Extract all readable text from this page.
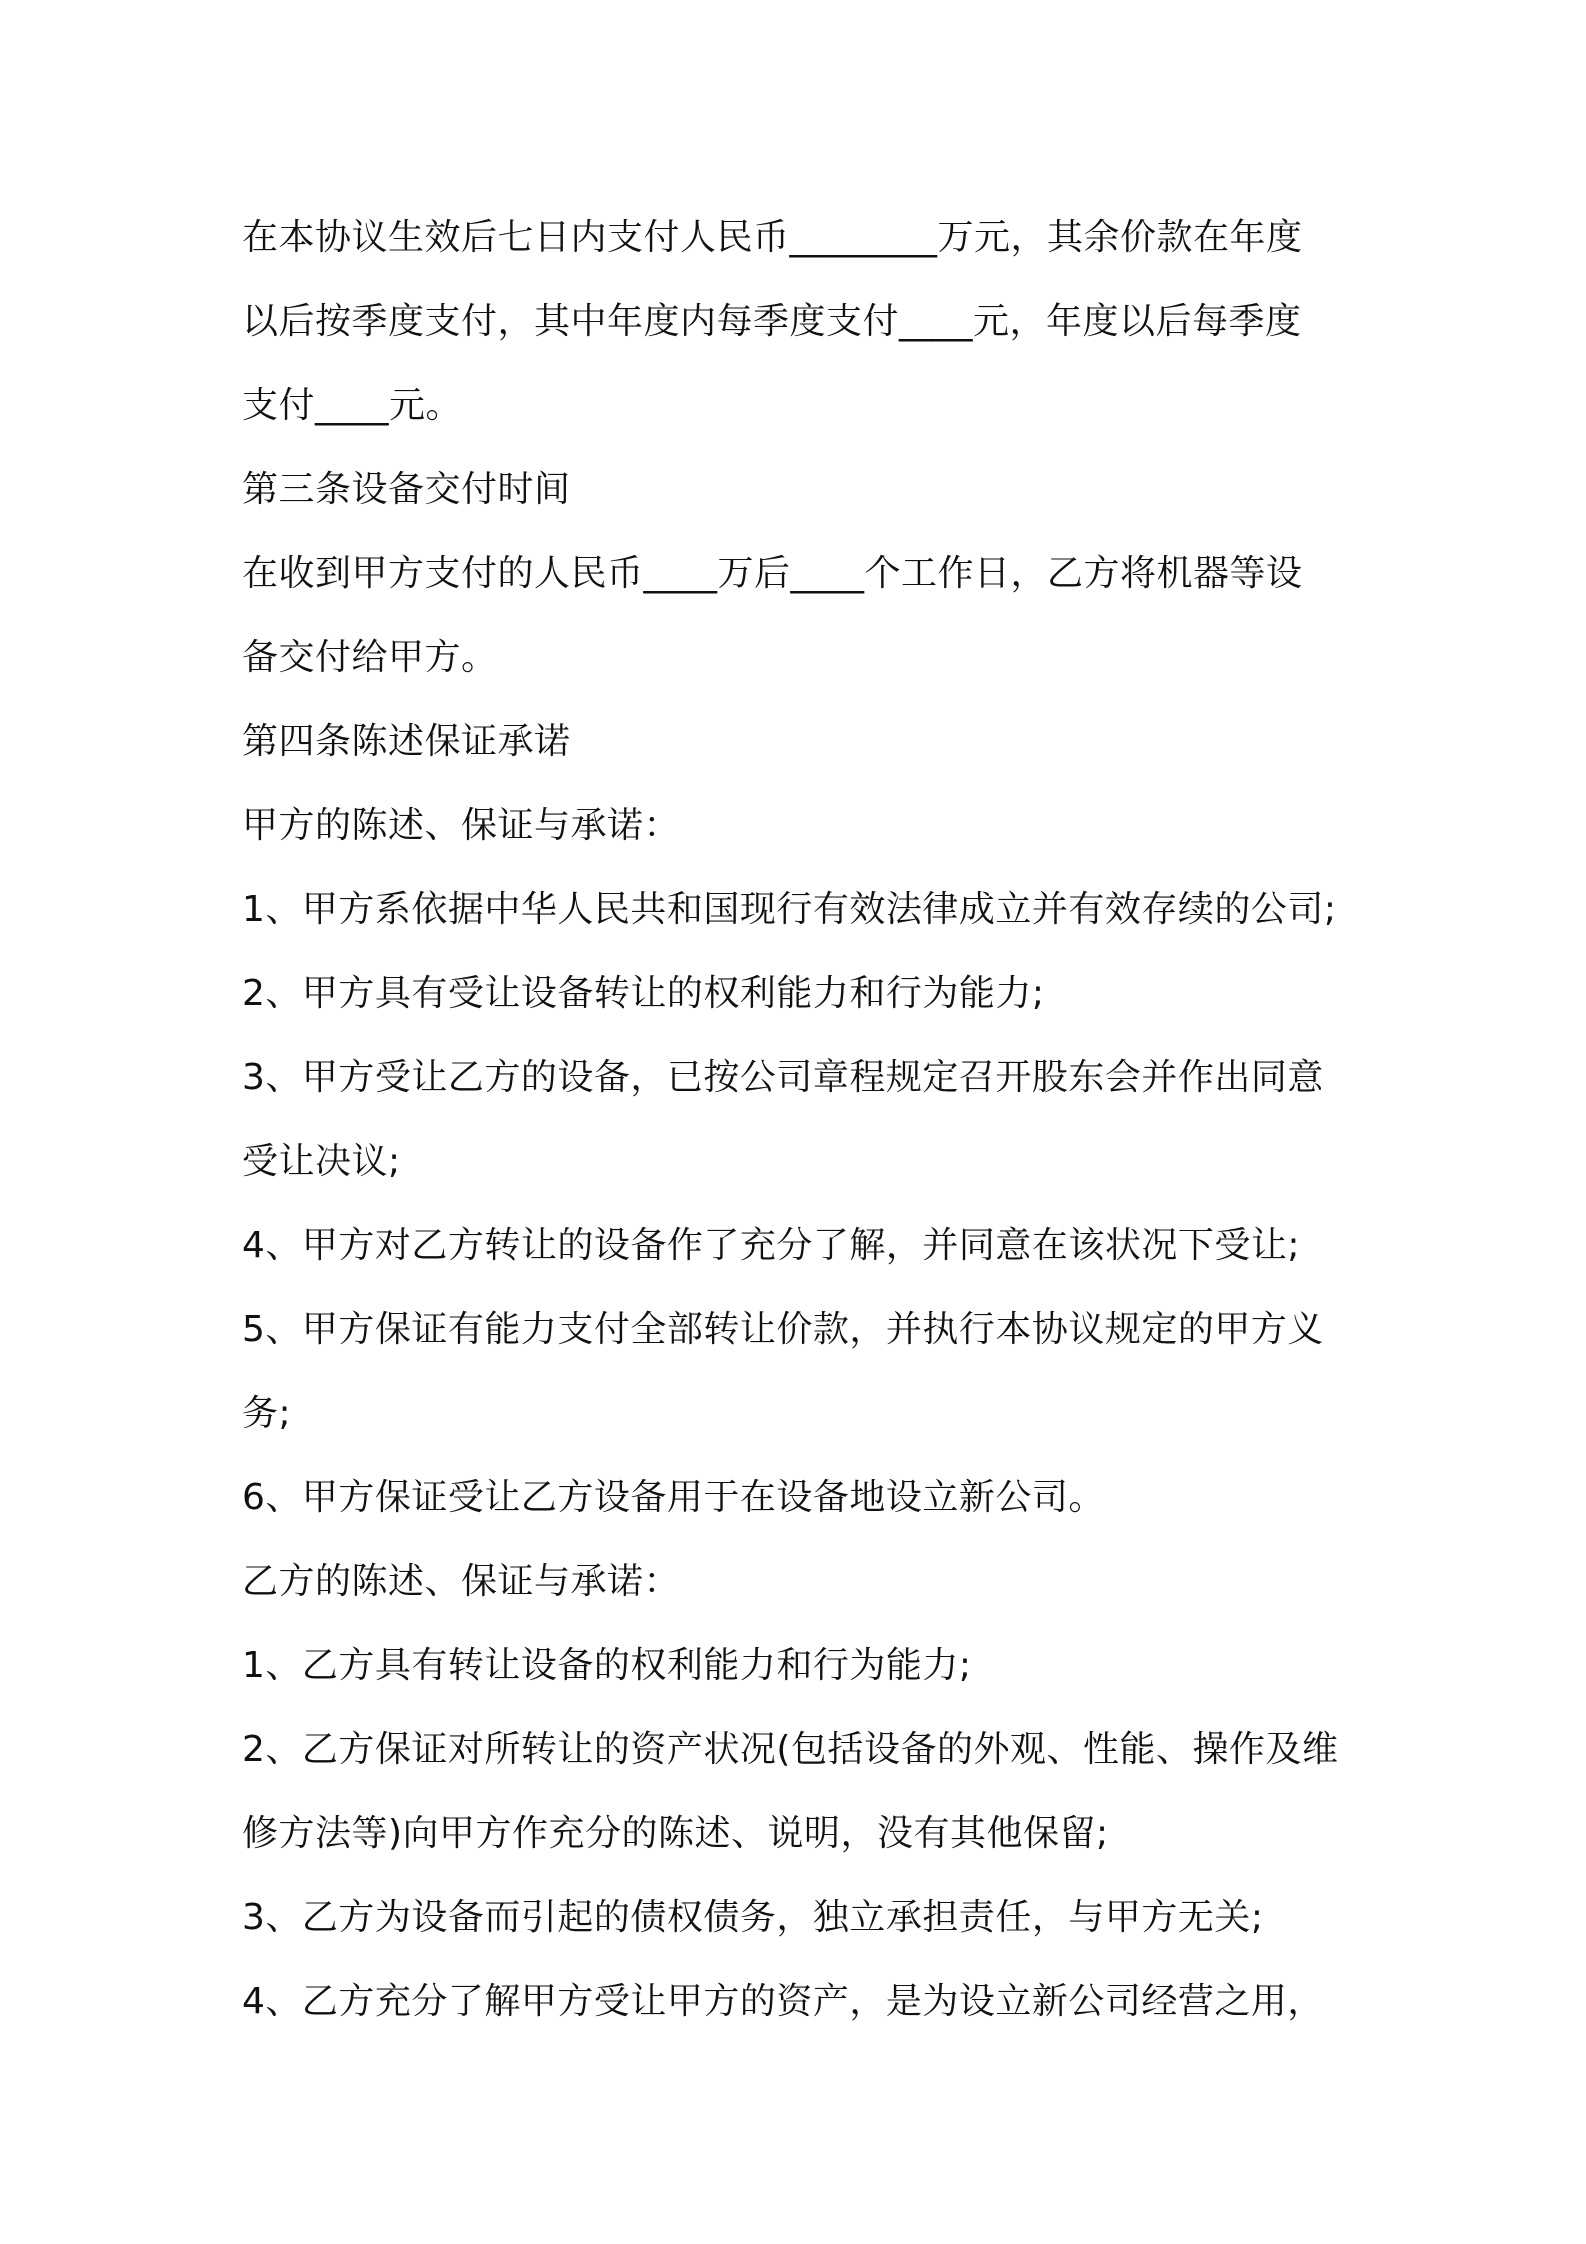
在本协议生效后七日内支付人民币________万元，其余价款在年度
以后按季度支付，其中年度内每季度支付____元，年度以后每季度
支付____元。
第三条设备交付时间
在收到甲方支付的人民币____万后____个工作日，乙方将机器等设
备交付给甲方。
第四条陈述保证承诺
甲方的陈述、保证与承诺：
1、甲方系依据中华人民共和国现行有效法律成立并有效存续的公司;
2、甲方具有受让设备转让的权利能力和行为能力;
3、甲方受让乙方的设备，已按公司章程规定召开股东会并作出同意
受让决议;
4、甲方对乙方转让的设备作了充分了解，并同意在该状况下受让;
5、甲方保证有能力支付全部转让价款，并执行本协议规定的甲方义
务;
6、甲方保证受让乙方设备用于在设备地设立新公司。
乙方的陈述、保证与承诺：
1、乙方具有转让设备的权利能力和行为能力;
2、乙方保证对所转让的资产状况(包括设备的外观、性能、操作及维
修方法等)向甲方作充分的陈述、说明，没有其他保留;
3、乙方为设备而引起的债权债务，独立承担责任，与甲方无关;
4、乙方充分了解甲方受让甲方的资产，是为设立新公司经营之用，
